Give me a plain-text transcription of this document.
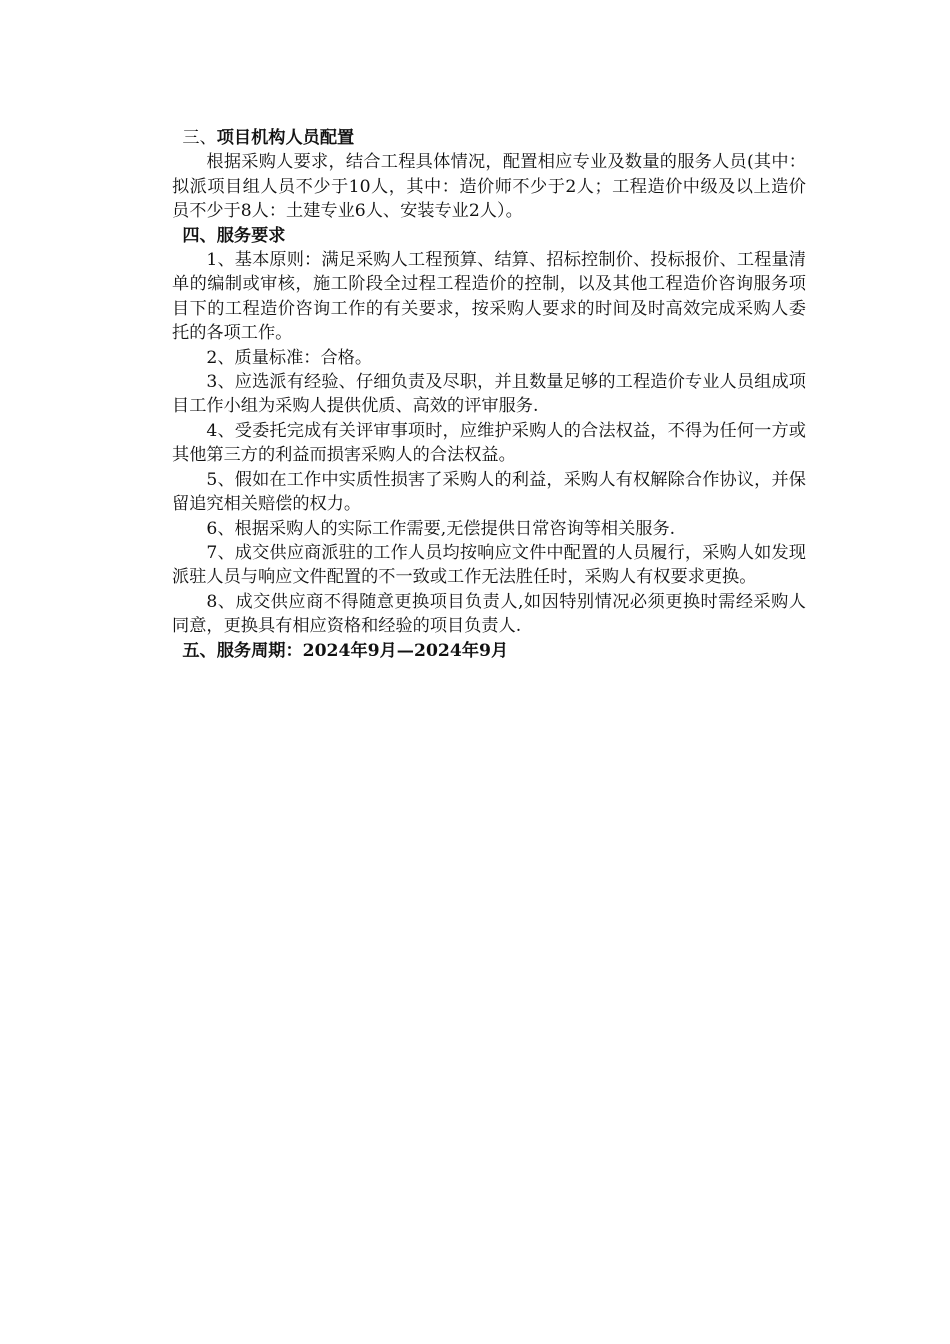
三、项目机构人员配置

根据采购人要求，结合工程具体情况，配置相应专业及数量的服务人员(其中：拟派项目组人员不少于10人，其中：造价师不少于2人；工程造价中级及以上造价员不少于8人：土建专业6人、安装专业2人）。

四、服务要求

1、基本原则：满足采购人工程预算、结算、招标控制价、投标报价、工程量清单的编制或审核，施工阶段全过程工程造价的控制，以及其他工程造价咨询服务项目下的工程造价咨询工作的有关要求，按采购人要求的时间及时高效完成采购人委托的各项工作。

2、质量标准：合格。

3、应选派有经验、仔细负责及尽职，并且数量足够的工程造价专业人员组成项目工作小组为采购人提供优质、高效的评审服务.

4、受委托完成有关评审事项时，应维护采购人的合法权益，不得为任何一方或其他第三方的利益而损害采购人的合法权益。

5、假如在工作中实质性损害了采购人的利益，采购人有权解除合作协议，并保留追究相关赔偿的权力。

6、根据采购人的实际工作需要,无偿提供日常咨询等相关服务.

7、成交供应商派驻的工作人员均按响应文件中配置的人员履行，采购人如发现派驻人员与响应文件配置的不一致或工作无法胜任时，采购人有权要求更换。

8、成交供应商不得随意更换项目负责人,如因特别情况必须更换时需经采购人同意，更换具有相应资格和经验的项目负责人.

五、服务周期：2024年9月—2024年9月
